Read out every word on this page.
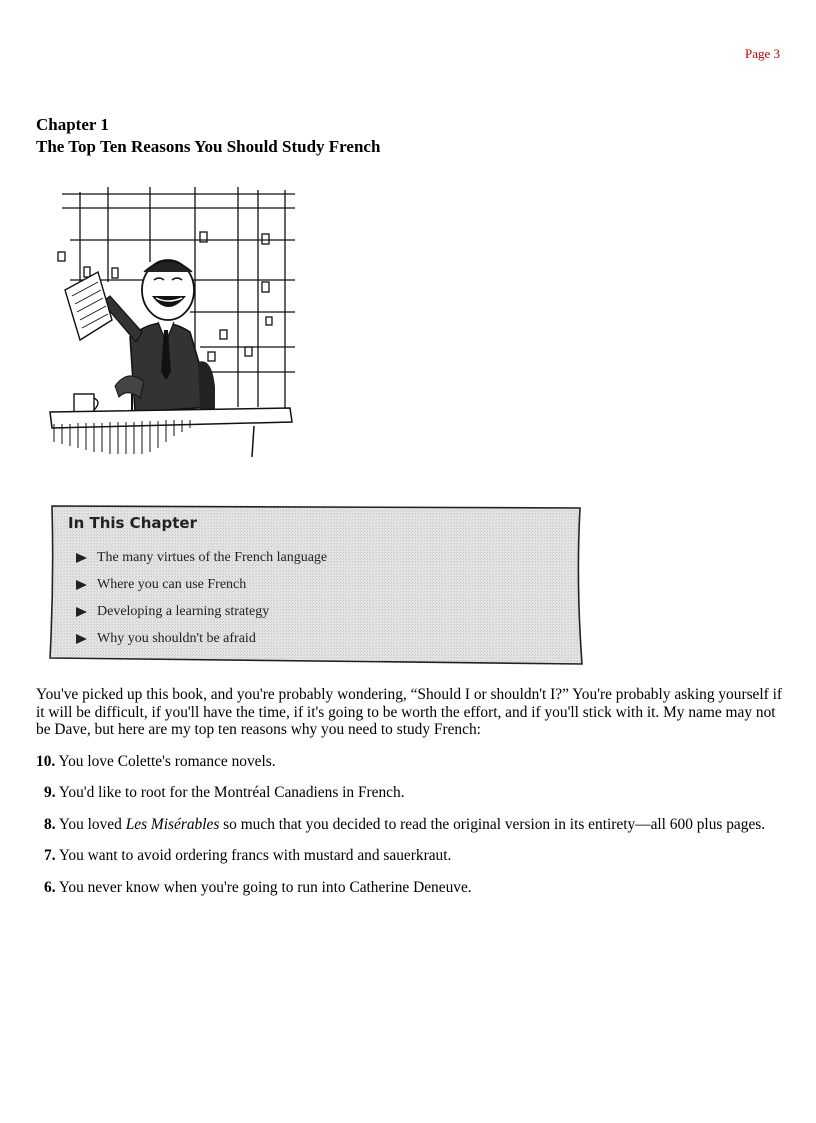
Page 3
Chapter 1
The Top Ten Reasons You Should Study French
In This Chapter
The many virtues of the French language
Where you can use French
Developing a learning strategy
Why you shouldn't be afraid

You've picked up this book, and you're probably wondering, “Should I or shouldn't I?” You're probably asking yourself if it will be difficult, if you'll have the time, if it's going to be worth the effort, and if you'll stick with it. My name may not be Dave, but here are my top ten reasons why you need to study French:

10. You love Colette's romance novels.

9. You'd like to root for the Montréal Canadiens in French.

8. You loved Les Misérables so much that you decided to read the original version in its entirety—all 600 plus pages.

7. You want to avoid ordering francs with mustard and sauerkraut.

6. You never know when you're going to run into Catherine Deneuve.
